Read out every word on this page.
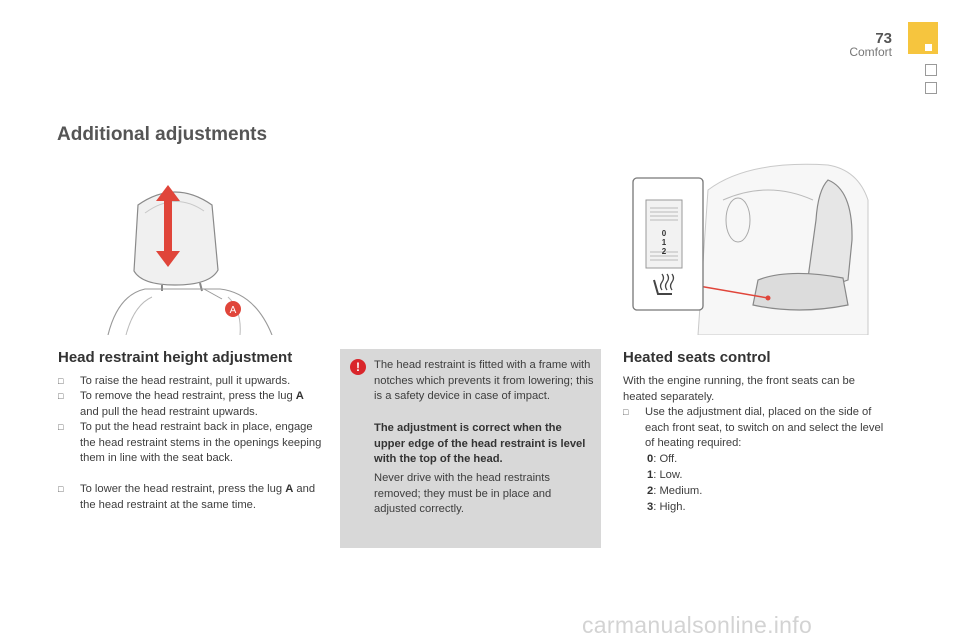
73
Comfort
Additional adjustments
A
0
1
2
Head restraint height adjustment
□ To raise the head restraint, pull it upwards.
□ To remove the head restraint, press the lug A and pull the head restraint upwards.
□ To put the head restraint back in place, engage the head restraint stems in the openings keeping them in line with the seat back.
□ To lower the head restraint, press the lug A and the head restraint at the same time.
!	The head restraint is fitted with a frame with notches which prevents it from lowering; this is a safety device in case of impact.
The adjustment is correct when the upper edge of the head restraint is level with the top of the head.
Never drive with the head restraints removed; they must be in place and adjusted correctly.
Heated seats control
With the engine running, the front seats can be heated separately.
□ Use the adjustment dial, placed on the side of each front seat, to switch on and select the level of heating required:
0: Off.
1: Low.
2: Medium.
3: High.
carmanualsonline.info
